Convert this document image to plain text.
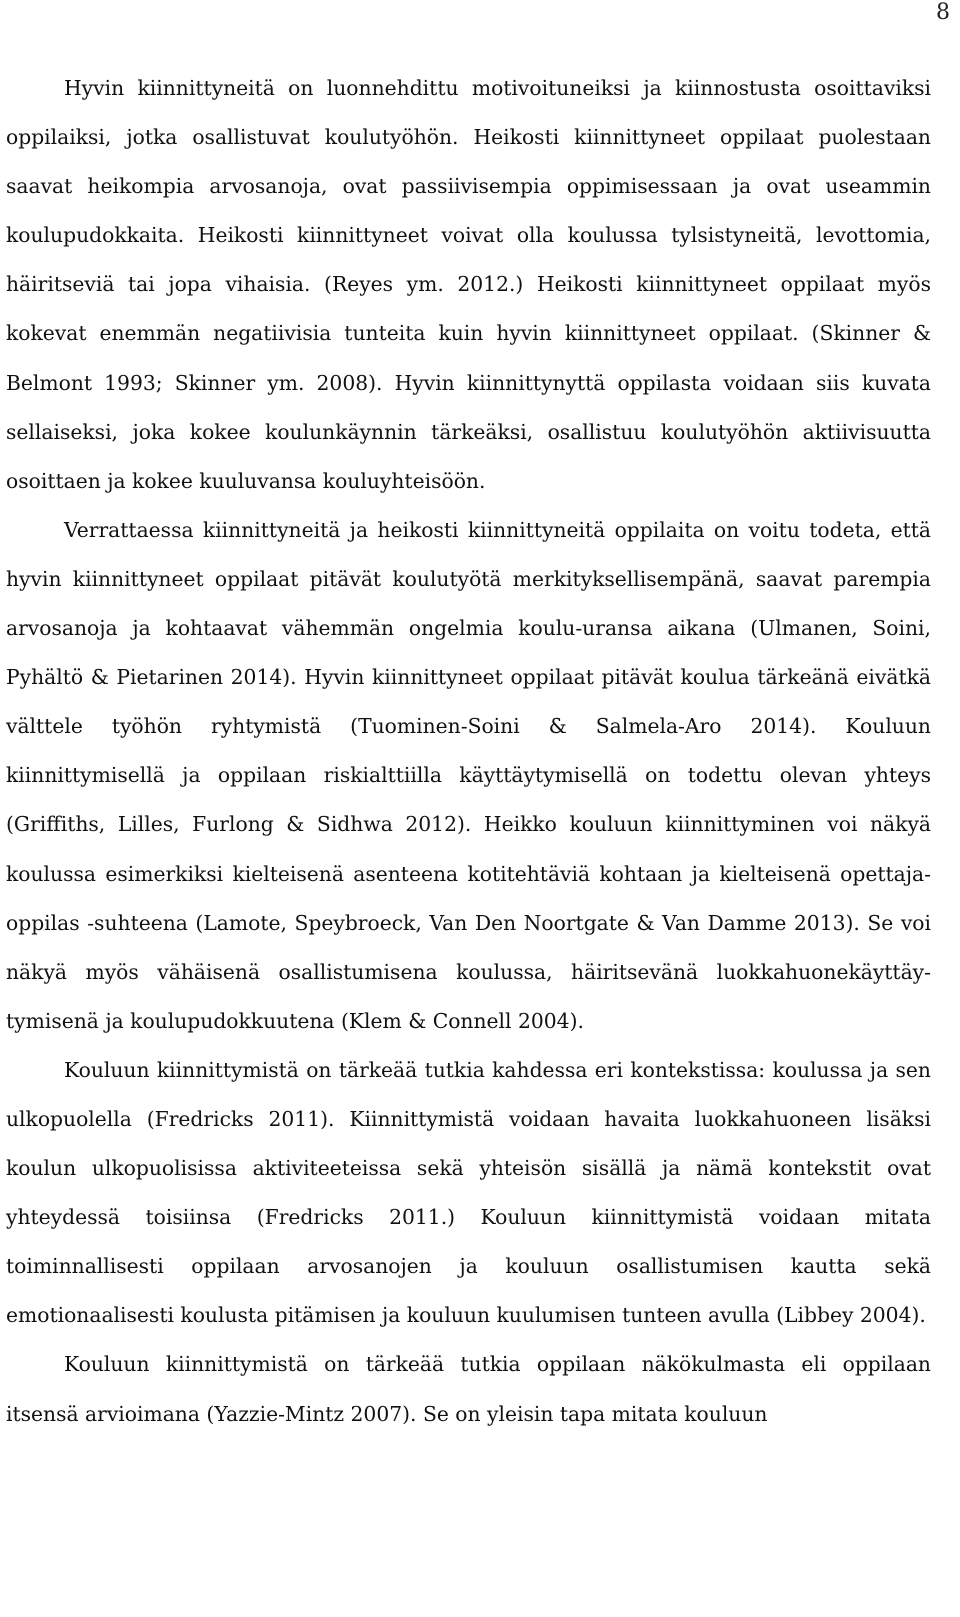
8

Hyvin kiinnittyneitä on luonnehdittu motivoituneiksi ja kiinnostusta osoittaviksi oppilaiksi, jotka osallistuvat koulutyöhön. Heikosti kiinnittyneet oppilaat puolestaan saavat heikompia arvosanoja, ovat passiivisempia oppimisessaan ja ovat useammin koulupudokkaita. Heikosti kiinnittyneet voivat olla koulussa tylsistyneitä, levottomia, häiritseviä tai jopa vihaisia. (Reyes ym. 2012.) Heikosti kiinnittyneet oppilaat myös kokevat enemmän negatiivisia tunteita kuin hyvin kiinnittyneet oppilaat. (Skinner & Belmont 1993; Skinner ym. 2008). Hyvin kiinnittynyttä oppilasta voidaan siis kuvata sellaiseksi, joka kokee koulunkäynnin tärkeäksi, osallistuu koulutyöhön aktiivisuutta osoittaen ja kokee kuuluvansa kouluyhteisöön.

Verrattaessa kiinnittyneitä ja heikosti kiinnittyneitä oppilaita on voitu todeta, että hyvin kiinnittyneet oppilaat pitävät koulutyötä merkityksellisempänä, saavat parempia arvosanoja ja kohtaavat vähemmän ongelmia koulu-uransa aikana (Ulmanen, Soini, Pyhältö & Pietarinen 2014). Hyvin kiinnittyneet oppilaat pitävät koulua tärkeänä eivätkä välttele työhön ryhtymistä (Tuominen-Soini & Salmela-Aro 2014). Kouluun kiinnittymisellä ja oppilaan riskialttiilla käyttäytymisellä on todettu olevan yhteys (Griffiths, Lilles, Furlong & Sidhwa 2012). Heikko kouluun kiinnittyminen voi näkyä koulussa esimerkiksi kielteisenä asenteena kotitehtäviä kohtaan ja kielteisenä opettaja-oppilas -suhteena (Lamote, Speybroeck, Van Den Noortgate & Van Damme 2013). Se voi näkyä myös vähäisenä osallistumisena koulussa, häiritsevänä luokkahuonekäyttäytymisenä ja koulupudokkuutena (Klem & Connell 2004).

Kouluun kiinnittymistä on tärkeää tutkia kahdessa eri kontekstissa: koulussa ja sen ulkopuolella (Fredricks 2011). Kiinnittymistä voidaan havaita luokkahuoneen lisäksi koulun ulkopuolisissa aktiviteeteissa sekä yhteisön sisällä ja nämä kontekstit ovat yhteydessä toisiinsa (Fredricks 2011.) Kouluun kiinnittymistä voidaan mitata toiminnallisesti oppilaan arvosanojen ja kouluun osallistumisen kautta sekä emotionaalisesti koulusta pitämisen ja kouluun kuulumisen tunteen avulla (Libbey 2004).

Kouluun kiinnittymistä on tärkeää tutkia oppilaan näkökulmasta eli oppilaan itsensä arvioimana (Yazzie-Mintz 2007). Se on yleisin tapa mitata kouluun
